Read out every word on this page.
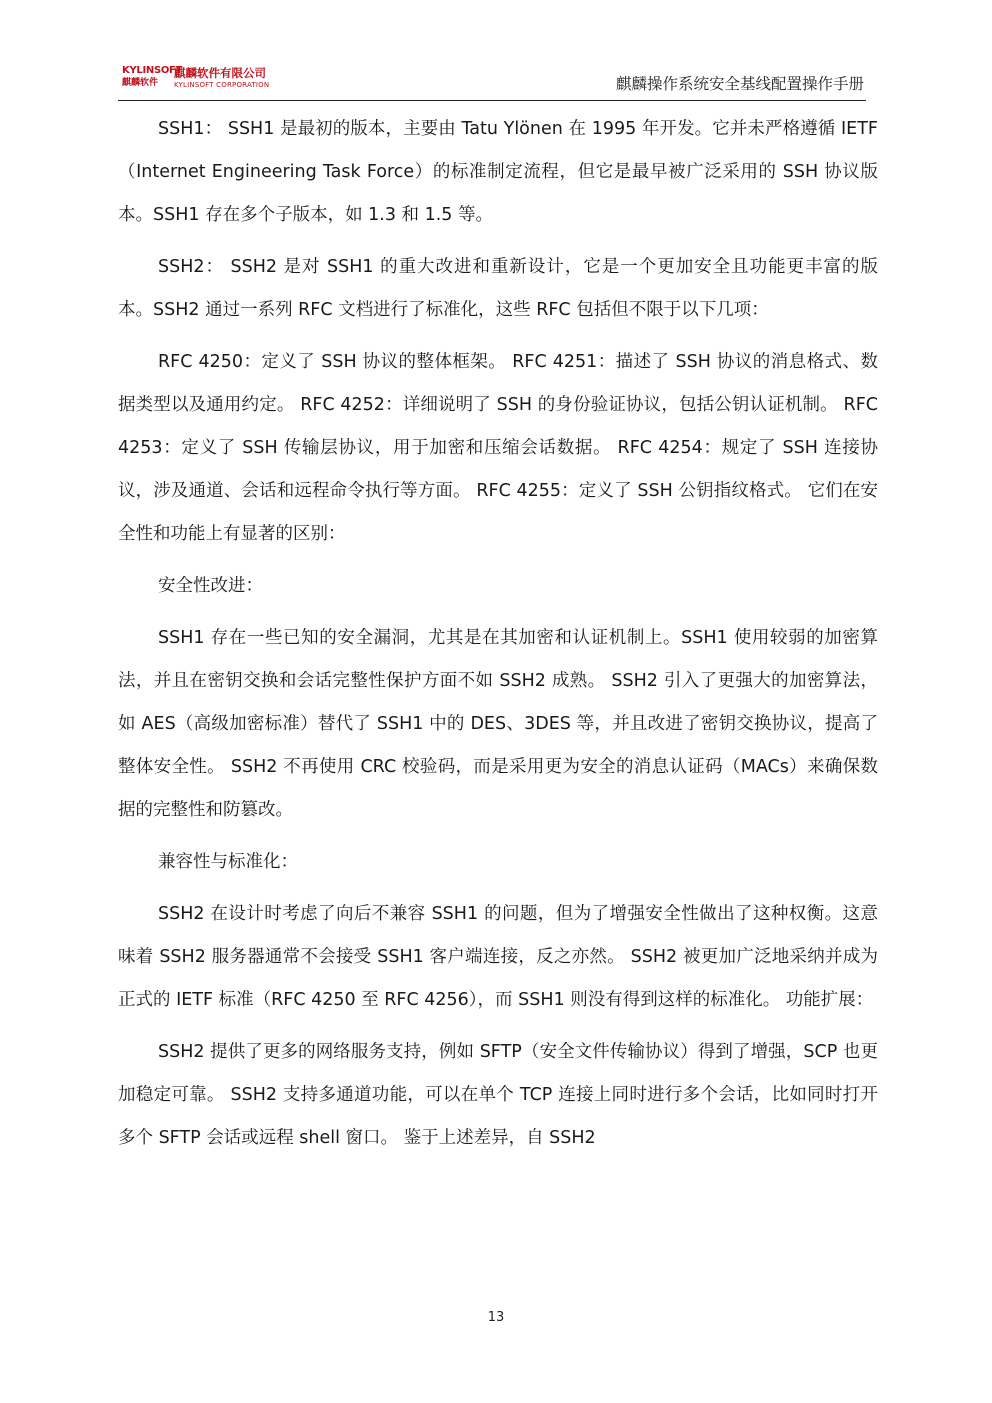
KYLINSOFT
麒麟软件
麒麟软件有限公司
KYLINSOFT CORPORATION	麒麟操作系统安全基线配置操作手册

SSH1： SSH1 是最初的版本，主要由 Tatu Ylönen 在 1995 年开发。它并未严格遵循 IETF（Internet Engineering Task Force）的标准制定流程，但它是最早被广泛采用的 SSH 协议版本。SSH1 存在多个子版本，如 1.3 和 1.5 等。

SSH2： SSH2 是对 SSH1 的重大改进和重新设计，它是一个更加安全且功能更丰富的版本。SSH2 通过一系列 RFC 文档进行了标准化，这些 RFC 包括但不限于以下几项：

RFC 4250：定义了 SSH 协议的整体框架。 RFC 4251：描述了 SSH 协议的消息格式、数据类型以及通用约定。 RFC 4252：详细说明了 SSH 的身份验证协议，包括公钥认证机制。 RFC 4253：定义了 SSH 传输层协议，用于加密和压缩会话数据。 RFC 4254：规定了 SSH 连接协议，涉及通道、会话和远程命令执行等方面。 RFC 4255：定义了 SSH 公钥指纹格式。 它们在安全性和功能上有显著的区别：

安全性改进：

SSH1 存在一些已知的安全漏洞，尤其是在其加密和认证机制上。SSH1 使用较弱的加密算法，并且在密钥交换和会话完整性保护方面不如 SSH2 成熟。 SSH2 引入了更强大的加密算法，如 AES（高级加密标准）替代了 SSH1 中的 DES、3DES 等，并且改进了密钥交换协议，提高了整体安全性。 SSH2 不再使用 CRC 校验码，而是采用更为安全的消息认证码（MACs）来确保数据的完整性和防篡改。

兼容性与标准化：

SSH2 在设计时考虑了向后不兼容 SSH1 的问题，但为了增强安全性做出了这种权衡。这意味着 SSH2 服务器通常不会接受 SSH1 客户端连接，反之亦然。 SSH2 被更加广泛地采纳并成为正式的 IETF 标准（RFC 4250 至 RFC 4256），而 SSH1 则没有得到这样的标准化。 功能扩展：

SSH2 提供了更多的网络服务支持，例如 SFTP（安全文件传输协议）得到了增强，SCP 也更加稳定可靠。 SSH2 支持多通道功能，可以在单个 TCP 连接上同时进行多个会话，比如同时打开多个 SFTP 会话或远程 shell 窗口。 鉴于上述差异，自 SSH2

13
